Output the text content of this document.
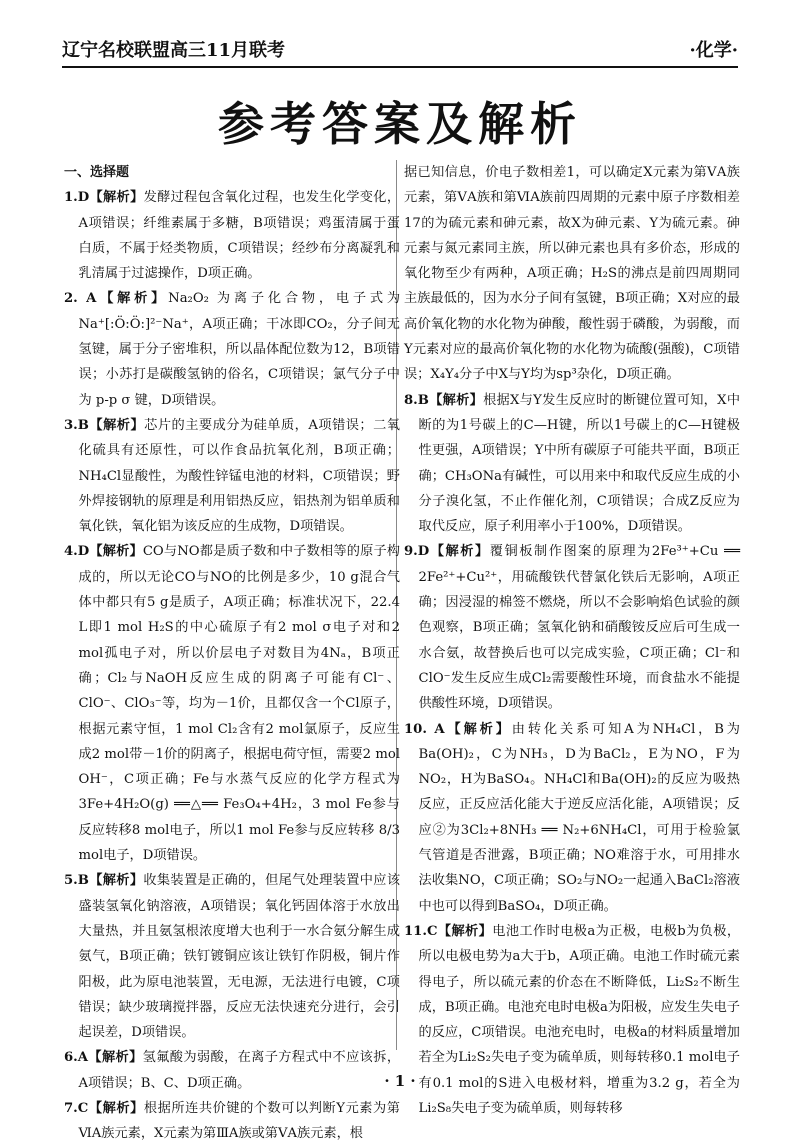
辽宁名校联盟高三11月联考	·化学·
参考答案及解析
一、选择题

1.D【解析】发酵过程包含氧化过程，也发生化学变化，A项错误；纤维素属于多糖，B项错误；鸡蛋清属于蛋白质，不属于烃类物质，C项错误；经纱布分离凝乳和乳清属于过滤操作，D项正确。

2. A【解析】Na₂O₂ 为离子化合物，电子式为 Na⁺[:Ö:Ö:]²⁻Na⁺，A项正确；干冰即CO₂，分子间无氢键，属于分子密堆积，所以晶体配位数为12，B项错误；小苏打是碳酸氢钠的俗名，C项错误；氯气分子中为 p-p σ 键，D项错误。

3.B【解析】芯片的主要成分为硅单质，A项错误；二氧化硫具有还原性，可以作食品抗氧化剂，B项正确；NH₄Cl显酸性，为酸性锌锰电池的材料，C项错误；野外焊接钢轨的原理是利用铝热反应，铝热剂为铝单质和氧化铁，氧化铝为该反应的生成物，D项错误。

4.D【解析】CO与NO都是质子数和中子数相等的原子构成的，所以无论CO与NO的比例是多少，10 g混合气体中都只有5 g是质子，A项正确；标准状况下，22.4 L即1 mol H₂S的中心硫原子有2 mol σ电子对和2 mol孤电子对，所以价层电子对数目为4Nₐ，B项正确；Cl₂与NaOH反应生成的阴离子可能有Cl⁻、ClO⁻、ClO₃⁻等，均为－1价，且都仅含一个Cl原子，根据元素守恒，1 mol Cl₂含有2 mol氯原子，反应生成2 mol带－1价的阴离子，根据电荷守恒，需要2 mol OH⁻，C项正确；Fe与水蒸气反应的化学方程式为3Fe+4H₂O(g) ══△══ Fe₃O₄+4H₂，3 mol Fe参与反应转移8 mol电子，所以1 mol Fe参与反应转移 8/3 mol电子，D项错误。

5.B【解析】收集装置是正确的，但尾气处理装置中应该盛装氢氧化钠溶液，A项错误；氧化钙固体溶于水放出大量热，并且氨氢根浓度增大也利于一水合氨分解生成氨气，B项正确；铁钉镀铜应该让铁钉作阴极，铜片作阳极，此为原电池装置，无电源，无法进行电镀，C项错误；缺少玻璃搅拌器，反应无法快速充分进行，会引起误差，D项错误。

6.A【解析】氢氟酸为弱酸，在离子方程式中不应该拆，A项错误；B、C、D项正确。

7.C【解析】根据所连共价键的个数可以判断Y元素为第ⅥA族元素，X元素为第ⅢA族或第ⅤA族元素，根

据已知信息，价电子数相差1，可以确定X元素为第ⅤA族元素，第ⅤA族和第ⅥA族前四周期的元素中原子序数相差17的为硫元素和砷元素，故X为砷元素、Y为硫元素。砷元素与氮元素同主族，所以砷元素也具有多价态，形成的氧化物至少有两种，A项正确；H₂S的沸点是前四周期同主族最低的，因为水分子间有氢键，B项正确；X对应的最高价氧化物的水化物为砷酸，酸性弱于磷酸，为弱酸，而Y元素对应的最高价氧化物的水化物为硫酸(强酸)，C项错误；X₄Y₄分子中X与Y均为sp³杂化，D项正确。

8.B【解析】根据X与Y发生反应时的断键位置可知，X中断的为1号碳上的C—H键，所以1号碳上的C—H键极性更强，A项错误；Y中所有碳原子可能共平面，B项正确；CH₃ONa有碱性，可以用来中和取代反应生成的小分子溴化氢，不止作催化剂，C项错误；合成Z反应为取代反应，原子利用率小于100%，D项错误。

9.D【解析】覆铜板制作图案的原理为2Fe³⁺+Cu ══ 2Fe²⁺+Cu²⁺，用硫酸铁代替氯化铁后无影响，A项正确；因浸湿的棉签不燃烧，所以不会影响焰色试验的颜色观察，B项正确；氢氧化钠和硝酸铵反应后可生成一水合氨，故替换后也可以完成实验，C项正确；Cl⁻和ClO⁻发生反应生成Cl₂需要酸性环境，而食盐水不能提供酸性环境，D项错误。

10. A【解析】由转化关系可知A为NH₄Cl，B为Ba(OH)₂，C为NH₃，D为BaCl₂，E为NO，F为NO₂，H为BaSO₄。NH₄Cl和Ba(OH)₂的反应为吸热反应，正反应活化能大于逆反应活化能，A项错误；反应②为3Cl₂+8NH₃ ══ N₂+6NH₄Cl，可用于检验氯气管道是否泄露，B项正确；NO难溶于水，可用排水法收集NO，C项正确；SO₂与NO₂一起通入BaCl₂溶液中也可以得到BaSO₄，D项正确。

11.C【解析】电池工作时电极a为正极，电极b为负极，所以电极电势为a大于b，A项正确。电池工作时硫元素得电子，所以硫元素的价态在不断降低，Li₂S₂不断生成，B项正确。电池充电时电极a为阳极，应发生失电子的反应，C项错误。电池充电时，电极a的材料质量增加若全为Li₂S₂失电子变为硫单质，则每转移0.1 mol电子有0.1 mol的S进入电极材料，增重为3.2 g，若全为Li₂S₈失电子变为硫单质，则每转移

· 1 ·
